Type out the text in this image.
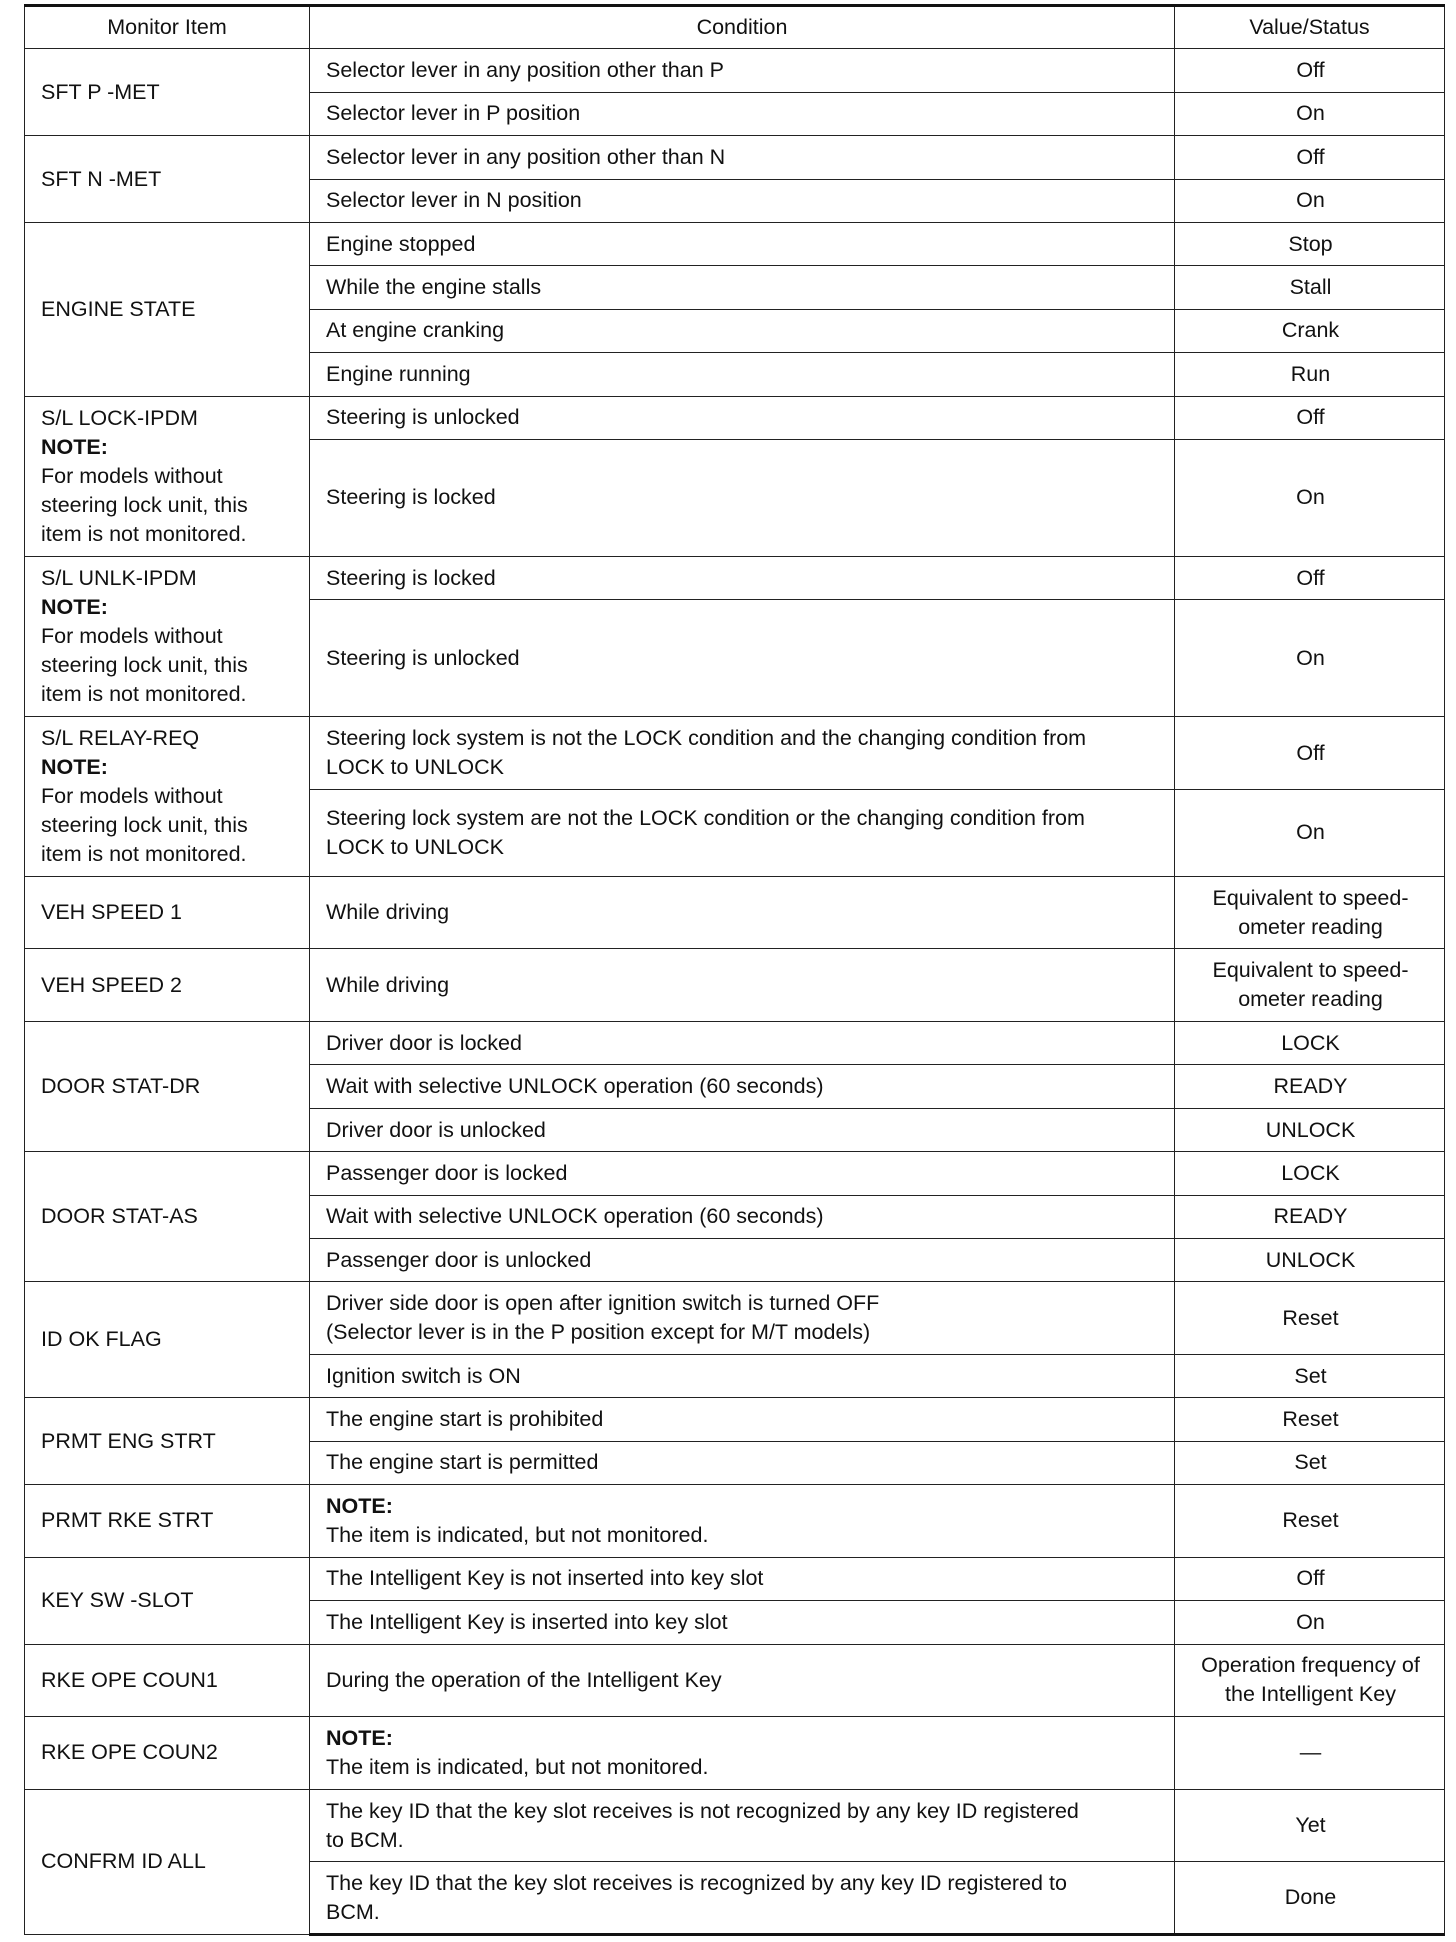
Monitor Item	Condition	Value/Status
SFT P -MET	Selector lever in any position other than P	Off
	Selector lever in P position	On
SFT N -MET	Selector lever in any position other than N	Off
	Selector lever in N position	On
ENGINE STATE	Engine stopped	Stop
	While the engine stalls	Stall
	At engine cranking	Crank
	Engine running	Run

S/L LOCK-IPDM
NOTE:
For models without
steering lock unit, this
item is not monitored.	Steering is unlocked	Off
	Steering is locked	On

S/L UNLK-IPDM
NOTE:
For models without
steering lock unit, this
item is not monitored.	Steering is locked	Off
	Steering is unlocked	On

S/L RELAY-REQ
NOTE:
For models without
steering lock unit, this
item is not monitored.	Steering lock system is not the LOCK condition and the changing condition from
LOCK to UNLOCK	Off

	Steering lock system are not the LOCK condition or the changing condition from
LOCK to UNLOCK	On
VEH SPEED 1	While driving	Equivalent to speed-
ometer reading

VEH SPEED 2	While driving	Equivalent to speed-
ometer reading

DOOR STAT-DR	Driver door is locked	LOCK
	Wait with selective UNLOCK operation (60 seconds)	READY
	Driver door is unlocked	UNLOCK
DOOR STAT-AS	Passenger door is locked	LOCK
	Wait with selective UNLOCK operation (60 seconds)	READY
	Passenger door is unlocked	UNLOCK
ID OK FLAG	Driver side door is open after ignition switch is turned OFF
(Selector lever is in the P position except for M/T models)	Reset
	Ignition switch is ON	Set
PRMT ENG STRT	The engine start is prohibited	Reset
	The engine start is permitted	Set
PRMT RKE STRT	NOTE:
The item is indicated, but not monitored.	Reset
KEY SW -SLOT	The Intelligent Key is not inserted into key slot	Off
	The Intelligent Key is inserted into key slot	On
RKE OPE COUN1	During the operation of the Intelligent Key	Operation frequency of
the Intelligent Key

RKE OPE COUN2	NOTE:
The item is indicated, but not monitored.	—
CONFRM ID ALL	The key ID that the key slot receives is not recognized by any key ID registered
to BCM.	Yet

	The key ID that the key slot receives is recognized by any key ID registered to
BCM.	Done
